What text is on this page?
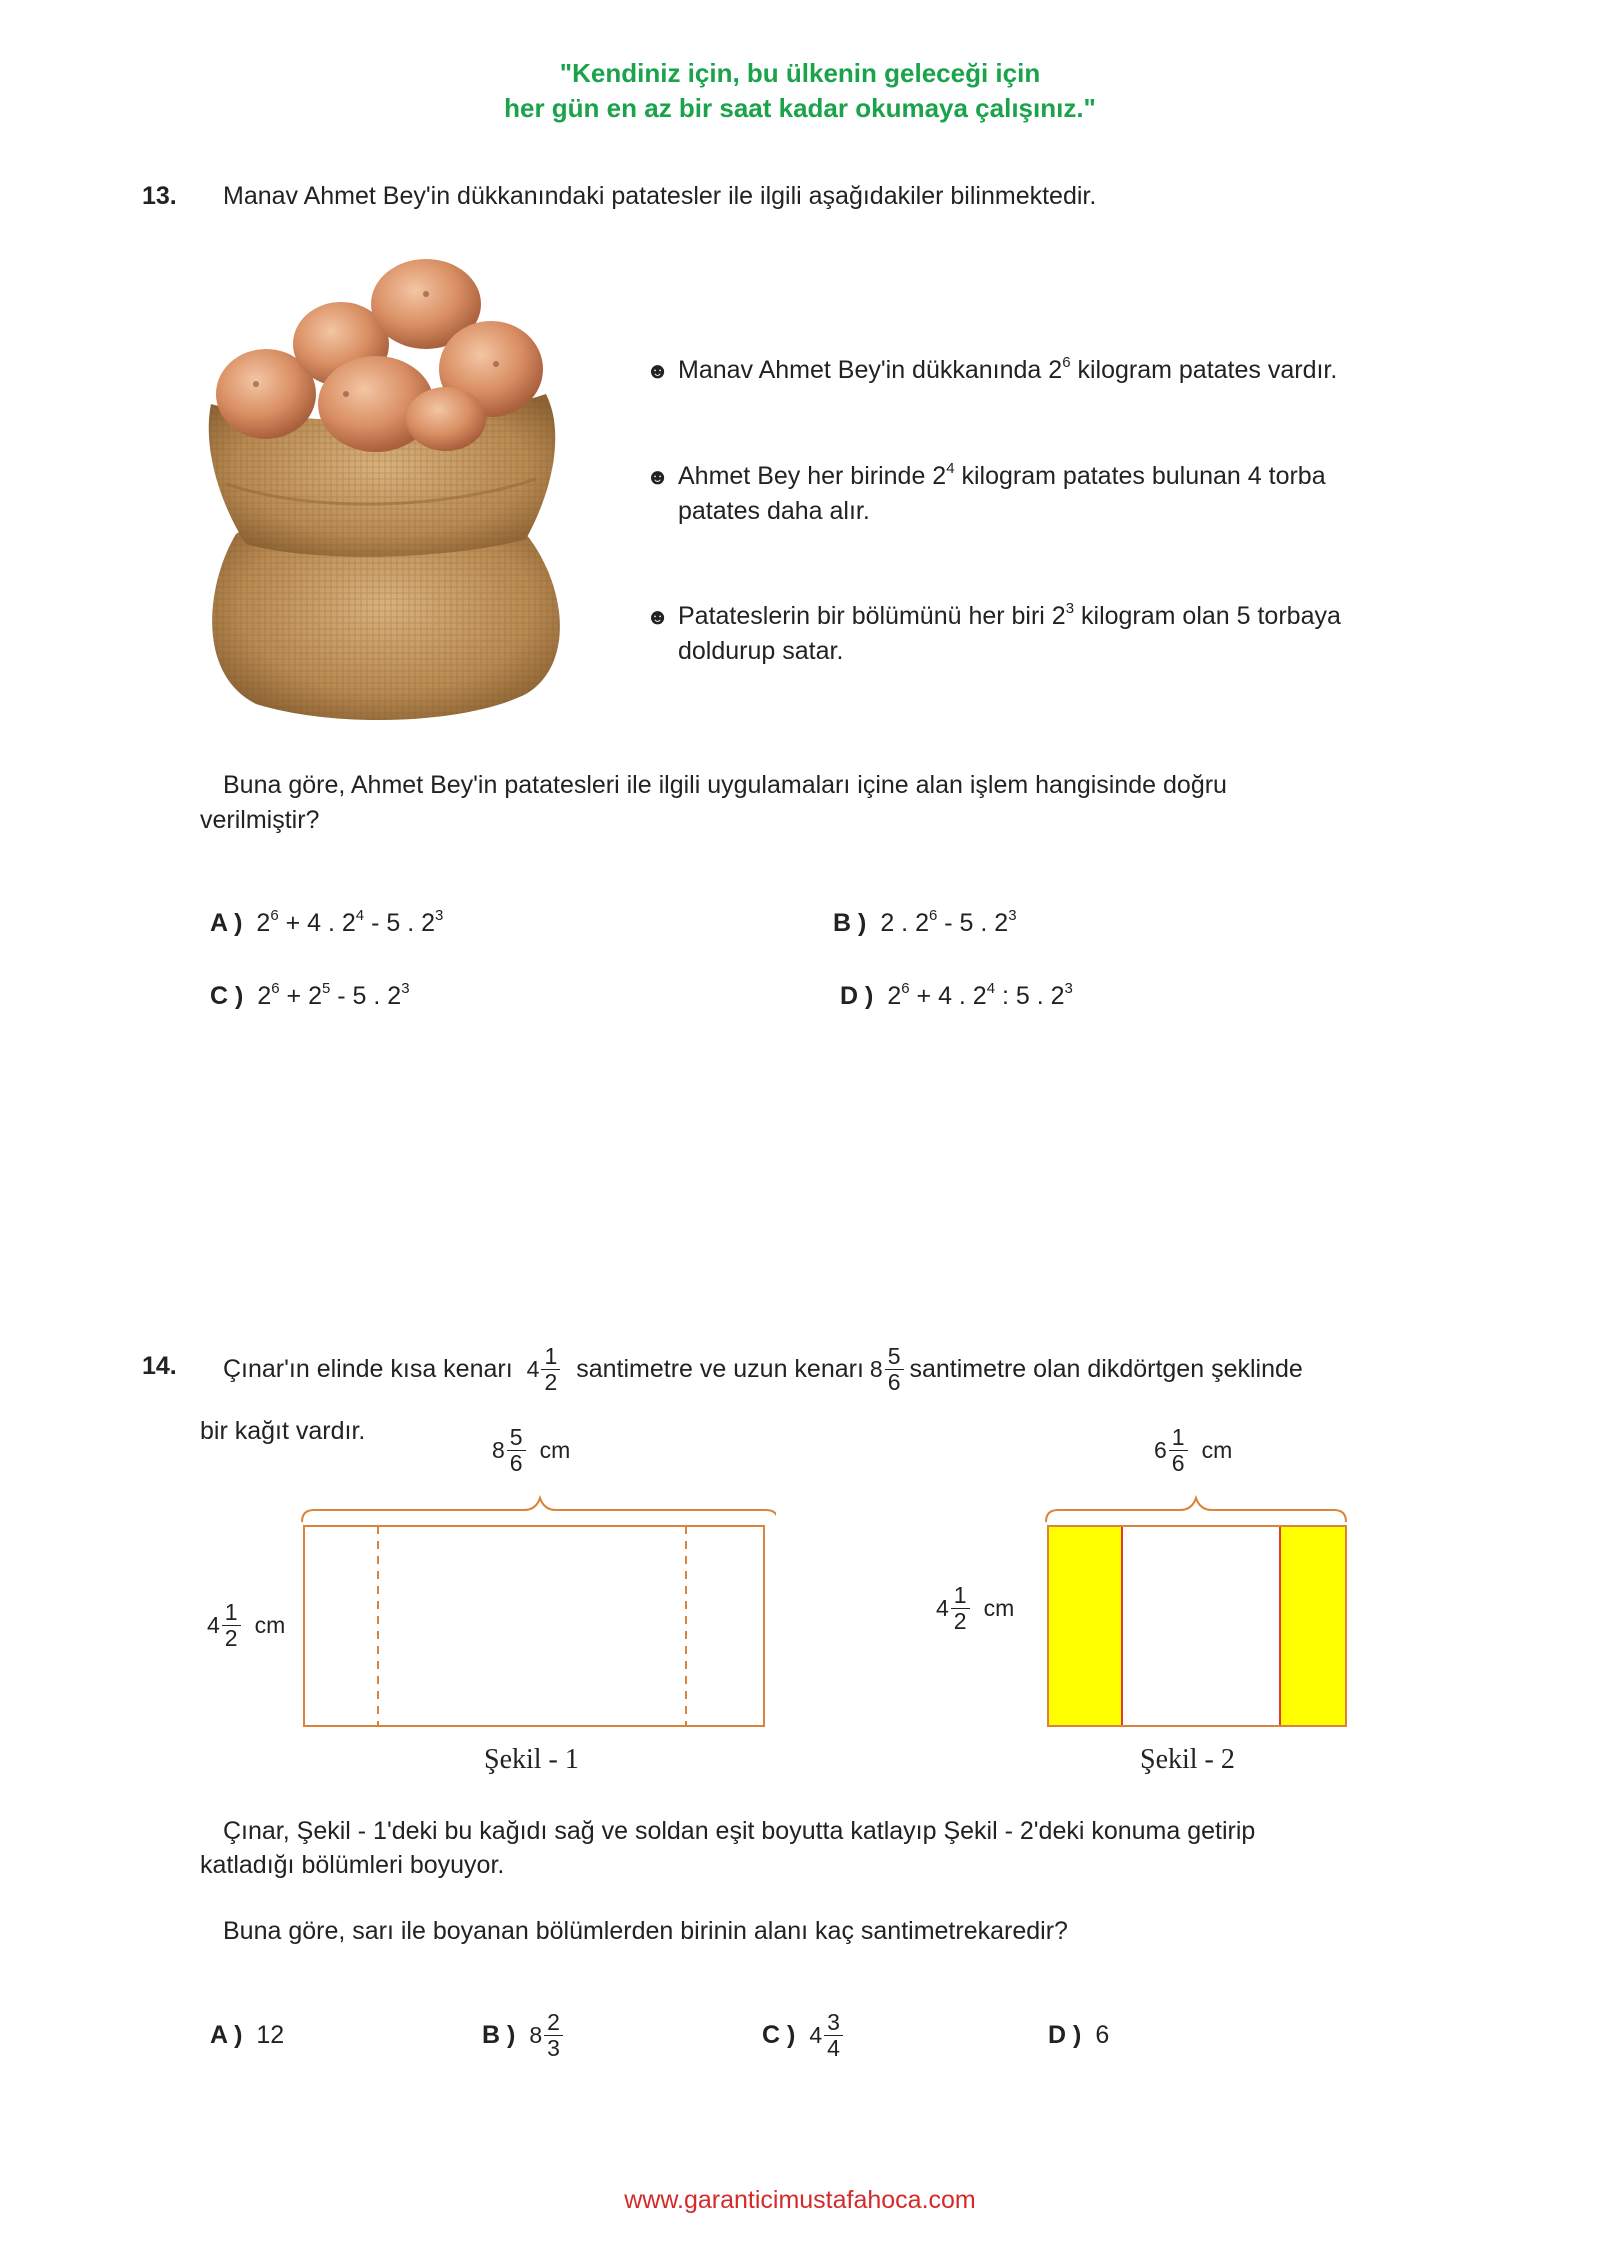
"Kendiniz için, bu ülkenin geleceği için
her gün en az bir saat kadar okumaya çalışınız."
13. Manav Ahmet Bey'in dükkanındaki patatesler ile ilgili aşağıdakiler bilinmektedir.
☻ Manav Ahmet Bey'in dükkanında $2^6$ kilogram patates vardır.
☻ Ahmet Bey her birinde $2^4$ kilogram patates bulunan 4 torba
patates daha alır.
☻ Patateslerin bir bölümünü her biri $2^3$ kilogram olan 5 torbaya
doldurup satar.
Buna göre, Ahmet Bey'in patatesleri ile ilgili uygulamaları içine alan işlem hangisinde doğru
verilmiştir?
A ) $2^6 + 4$ . $2^4 - 5$ . $2^3$	B ) 2 . $2^6 - 5$ . $2^3$
C ) $2^6 + 2^5 - 5$ . $2^3$	D ) $2^6 + 4$ . $2^4$ : 5 . $2^3$
14. Çınar'ın elinde kısa kenarı $4 \frac{1}{2}$ santimetre ve uzun kenarı $8 \frac{5}{6}$ santimetre olan dikdörtgen şeklinde
bir kağıt vardır.
$8 \frac{5}{6}$ cm
$4 \frac{1}{2}$ cm
Şekil - 1
$6 \frac{1}{6}$ cm
$4 \frac{1}{2}$ cm
Şekil - 2
Çınar, Şekil - 1'deki bu kağıdı sağ ve soldan eşit boyutta katlayıp Şekil - 2'deki konuma getirip
katladığı bölümleri boyuyor.
Buna göre, sarı ile boyanan bölümlerden birinin alanı kaç santimetrekaredir?
A ) 12	B ) $8 \frac{2}{3}$	C ) $4 \frac{3}{4}$	D ) 6
www.garanticimustafahoca.com
